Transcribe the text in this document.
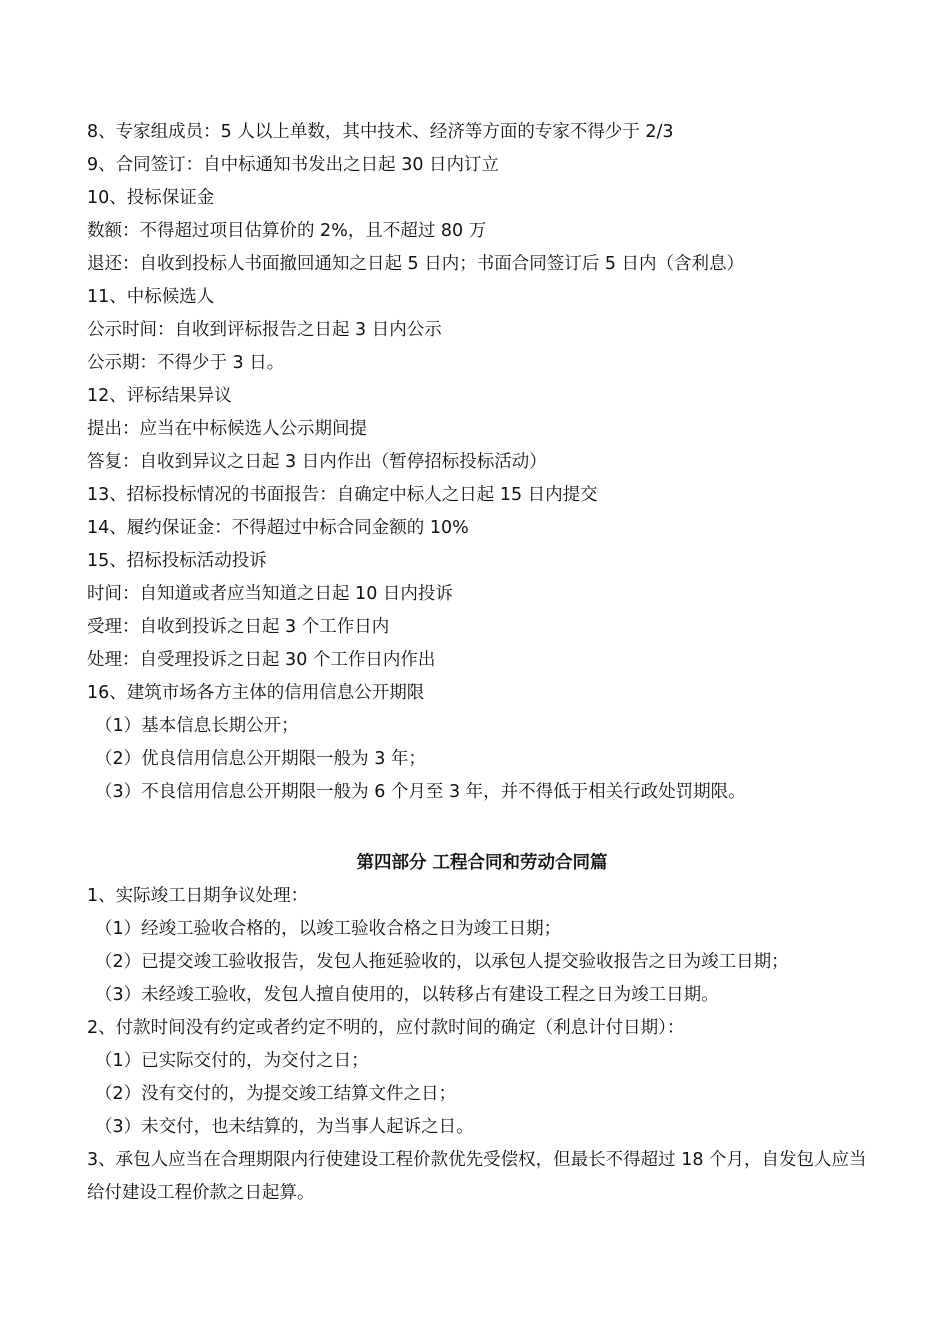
8、专家组成员：5 人以上单数，其中技术、经济等方面的专家不得少于 2/3
9、合同签订：自中标通知书发出之日起 30 日内订立
10、投标保证金
数额：不得超过项目估算价的 2%，且不超过 80 万
退还：自收到投标人书面撤回通知之日起 5 日内；书面合同签订后 5 日内（含利息）
11、中标候选人
公示时间：自收到评标报告之日起 3 日内公示
公示期：不得少于 3 日。
12、评标结果异议
提出：应当在中标候选人公示期间提
答复：自收到异议之日起 3 日内作出（暂停招标投标活动）
13、招标投标情况的书面报告：自确定中标人之日起 15 日内提交
14、履约保证金：不得超过中标合同金额的 10%
15、招标投标活动投诉
时间：自知道或者应当知道之日起 10 日内投诉
受理：自收到投诉之日起 3 个工作日内
处理：自受理投诉之日起 30 个工作日内作出
16、建筑市场各方主体的信用信息公开期限
（1）基本信息长期公开；
（2）优良信用信息公开期限一般为 3 年；
（3）不良信用信息公开期限一般为 6 个月至 3 年，并不得低于相关行政处罚期限。
第四部分 工程合同和劳动合同篇
1、实际竣工日期争议处理：
（1）经竣工验收合格的，以竣工验收合格之日为竣工日期；
（2）已提交竣工验收报告，发包人拖延验收的，以承包人提交验收报告之日为竣工日期；
（3）未经竣工验收，发包人擅自使用的，以转移占有建设工程之日为竣工日期。
2、付款时间没有约定或者约定不明的，应付款时间的确定（利息计付日期）：
（1）已实际交付的，为交付之日；
（2）没有交付的，为提交竣工结算文件之日；
（3）未交付，也未结算的，为当事人起诉之日。
3、承包人应当在合理期限内行使建设工程价款优先受偿权，但最长不得超过 18 个月，自发包人应当给付建设工程价款之日起算。
